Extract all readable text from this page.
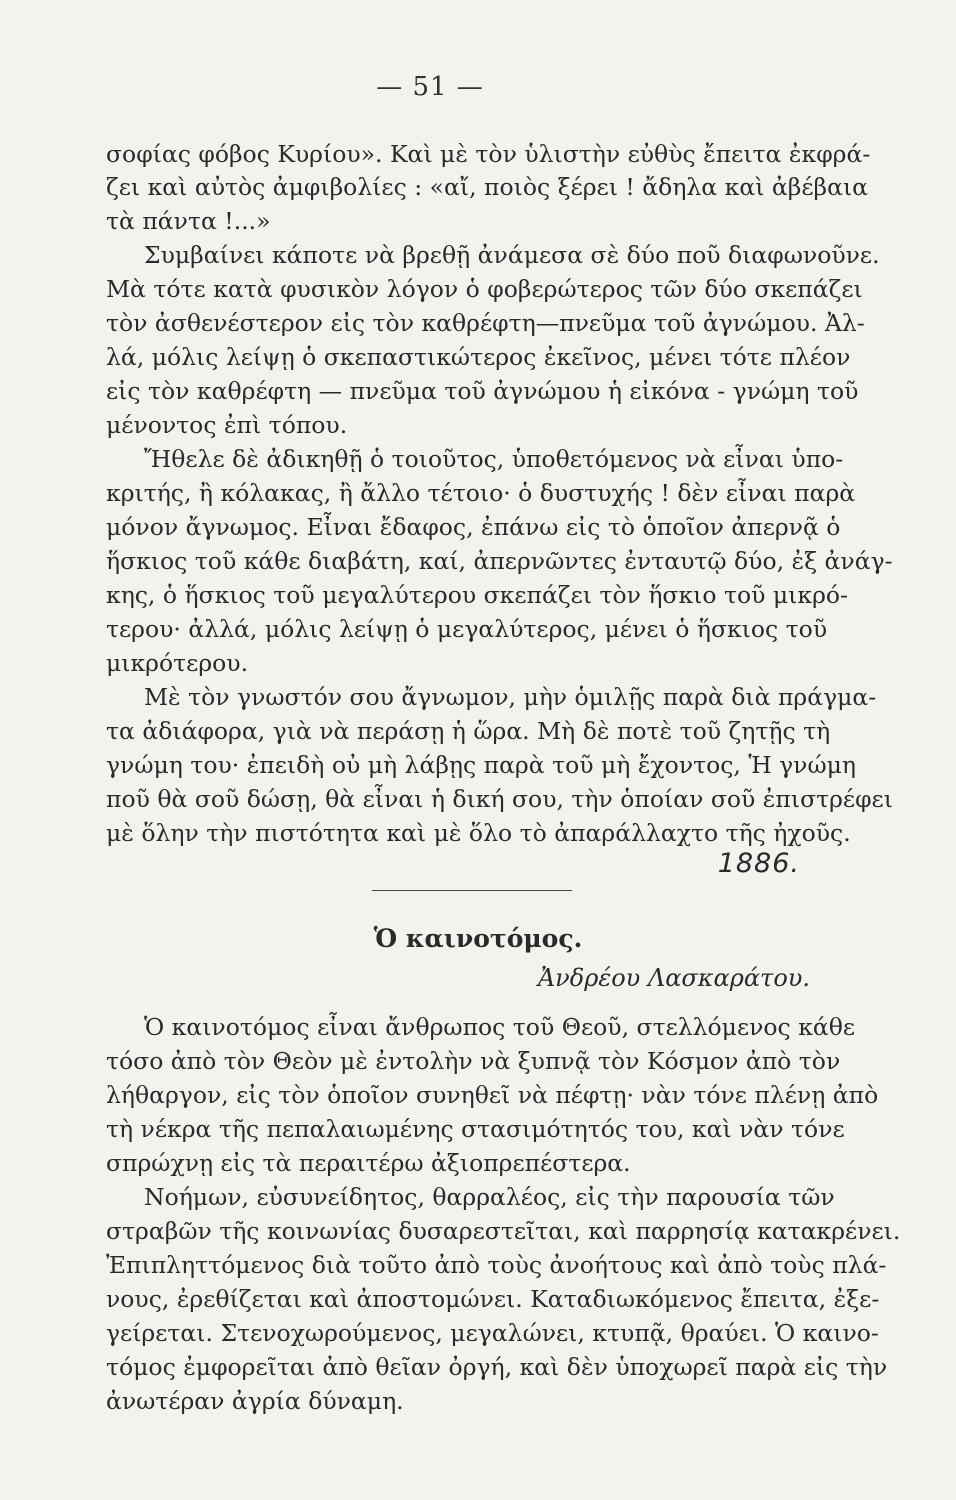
— 51 —
σοφίας φόβος Κυρίου». Καὶ μὲ τὸν ὑλιστὴν εὐθὺς ἔπειτα ἐκφρά-
ζει καὶ αὐτὸς ἀμφιβολίες : «αἴ, ποιὸς ξέρει ! ἄδηλα καὶ ἀβέβαια
τὰ πάντα !...»
Συμβαίνει κάποτε νὰ βρεθῇ ἀνάμεσα σὲ δύο ποῦ διαφωνοῦνε.
Μὰ τότε κατὰ φυσικὸν λόγον ὁ φοβερώτερος τῶν δύο σκεπάζει
τὸν ἀσθενέστερον εἰς τὸν καθρέφτη—πνεῦμα τοῦ ἀγνώμου. Ἀλ-
λά, μόλις λείψῃ ὁ σκεπαστικώτερος ἐκεῖνος, μένει τότε πλέον
εἰς τὸν καθρέφτη — πνεῦμα τοῦ ἀγνώμου ἡ εἰκόνα - γνώμη τοῦ
μένοντος ἐπὶ τόπου.
Ἤθελε δὲ ἀδικηθῇ ὁ τοιοῦτος, ὑποθετόμενος νὰ εἶναι ὑπο-
κριτής, ἢ κόλακας, ἢ ἄλλο τέτοιο· ὁ δυστυχής ! δὲν εἶναι παρὰ
μόνον ἄγνωμος. Εἶναι ἔδαφος, ἐπάνω εἰς τὸ ὁποῖον ἀπερνᾷ ὁ
ἥσκιος τοῦ κάθε διαβάτη, καί, ἀπερνῶντες ἐνταυτῷ δύο, ἐξ ἀνάγ-
κης, ὁ ἥσκιος τοῦ μεγαλύτερου σκεπάζει τὸν ἥσκιο τοῦ μικρό-
τερου· ἀλλά, μόλις λείψῃ ὁ μεγαλύτερος, μένει ὁ ἥσκιος τοῦ
μικρότερου.
Μὲ τὸν γνωστόν σου ἄγνωμον, μὴν ὁμιλῇς παρὰ διὰ πράγμα-
τα ἀδιάφορα, γιὰ νὰ περάσῃ ἡ ὥρα. Μὴ δὲ ποτὲ τοῦ ζητῇς τὴ
γνώμη του· ἐπειδὴ οὐ μὴ λάβῃς παρὰ τοῦ μὴ ἔχοντος, Ἡ γνώμη
ποῦ θὰ σοῦ δώσῃ, θὰ εἶναι ἡ δική σου, τὴν ὁποίαν σοῦ ἐπιστρέφει
μὲ ὅλην τὴν πιστότητα καὶ μὲ ὅλο τὸ ἀπαράλλαχτο τῆς ἠχοῦς.
1886.
Ὁ καινοτόμος.
Ἀνδρέου Λασκαράτου.
Ὁ καινοτόμος εἶναι ἄνθρωπος τοῦ Θεοῦ, στελλόμενος κάθε
τόσο ἀπὸ τὸν Θεὸν μὲ ἐντολὴν νὰ ξυπνᾷ τὸν Κόσμον ἀπὸ τὸν
λήθαργον, εἰς τὸν ὁποῖον συνηθεῖ νὰ πέφτῃ· νὰν τόνε πλένῃ ἀπὸ
τὴ νέκρα τῆς πεπαλαιωμένης στασιμότητός του, καὶ νὰν τόνε
σπρώχνῃ εἰς τὰ περαιτέρω ἀξιοπρεπέστερα.
Νοήμων, εὐσυνείδητος, θαρραλέος, εἰς τὴν παρουσία τῶν
στραβῶν τῆς κοινωνίας δυσαρεστεῖται, καὶ παρρησίᾳ κατακρένει.
Ἐπιπληττόμενος διὰ τοῦτο ἀπὸ τοὺς ἀνοήτους καὶ ἀπὸ τοὺς πλά-
νους, ἐρεθίζεται καὶ ἀποστομώνει. Καταδιωκόμενος ἔπειτα, ἐξε-
γείρεται. Στενοχωρούμενος, μεγαλώνει, κτυπᾷ, θραύει. Ὁ καινο-
τόμος ἐμφορεῖται ἀπὸ θεῖαν ὀργή, καὶ δὲν ὑποχωρεῖ παρὰ εἰς τὴν
ἀνωτέραν ἀγρία δύναμη.
